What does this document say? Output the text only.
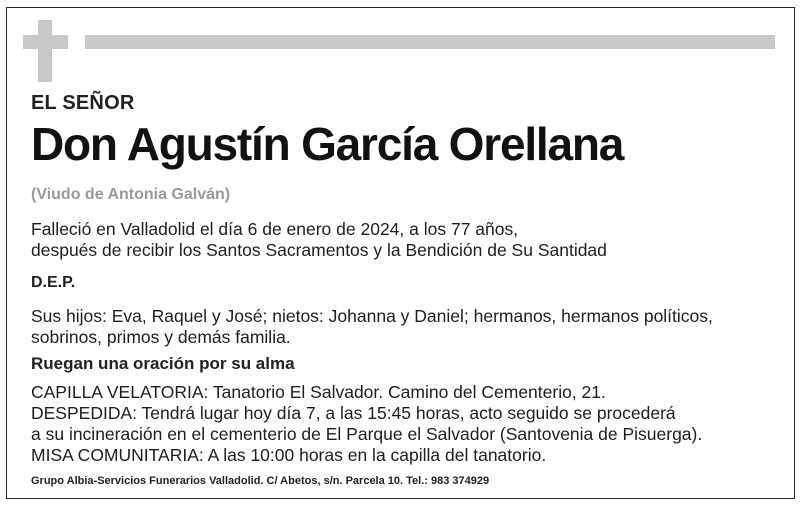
EL SEÑOR
Don Agustín García Orellana
(Viudo de Antonia Galván)
Falleció en Valladolid el día 6 de enero de 2024, a los 77 años,
después de recibir los Santos Sacramentos y la Bendición de Su Santidad
D.E.P.
Sus hijos: Eva, Raquel y José; nietos: Johanna y Daniel; hermanos, hermanos políticos,
sobrinos, primos y demás familia.
Ruegan una oración por su alma
CAPILLA VELATORIA: Tanatorio El Salvador. Camino del Cementerio, 21.
DESPEDIDA: Tendrá lugar hoy día 7, a las 15:45 horas, acto seguido se procederá
a su incineración en el cementerio de El Parque el Salvador (Santovenia de Pisuerga).
MISA COMUNITARIA: A las 10:00 horas en la capilla del tanatorio.
Grupo Albia-Servicios Funerarios Valladolid. C/ Abetos, s/n. Parcela 10. Tel.: 983 374929
